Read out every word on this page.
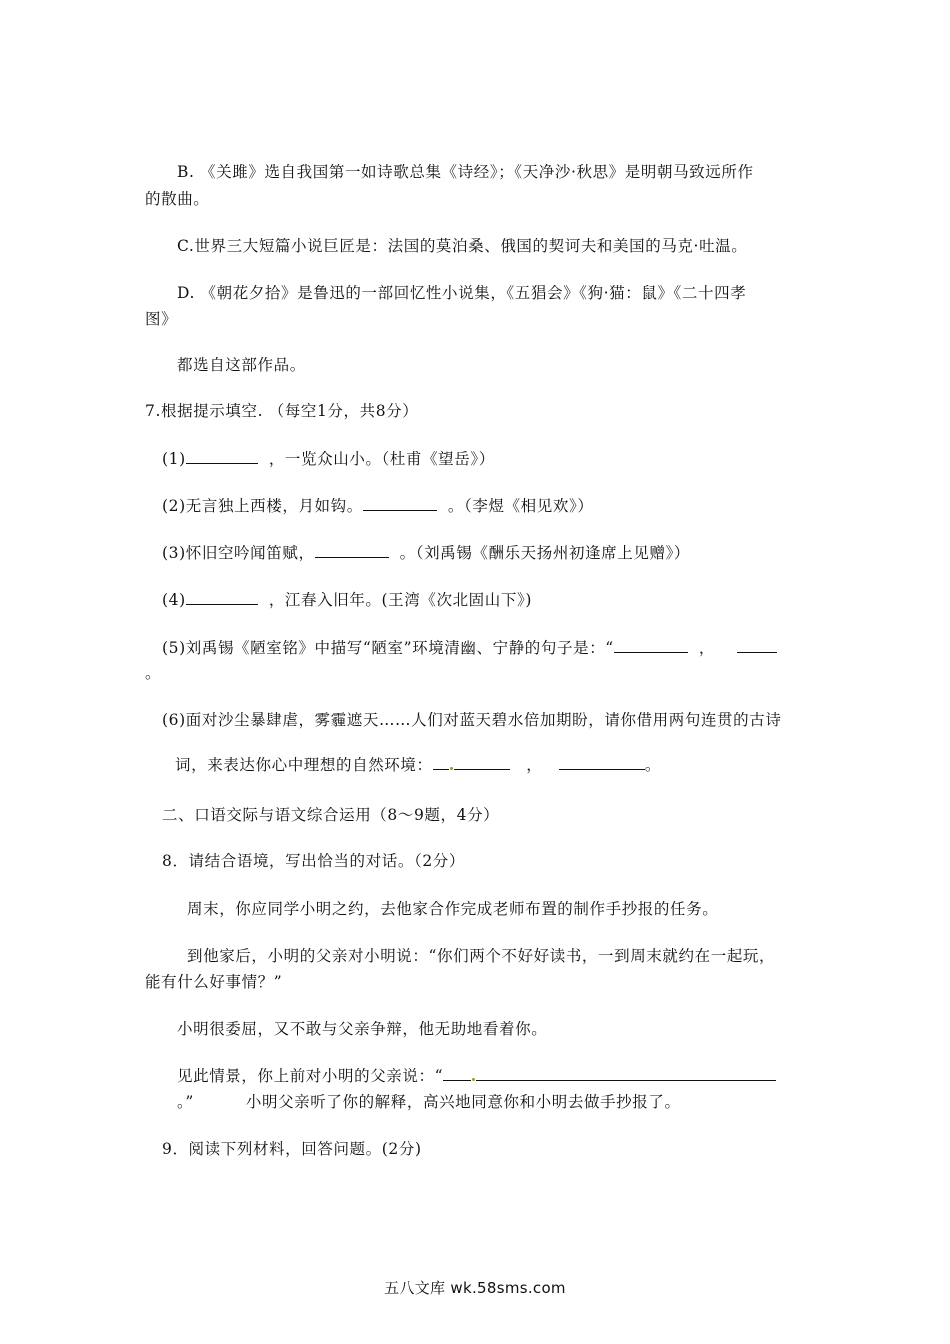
B. 《关雎》选自我国第一如诗歌总集《诗经》；《天净沙·秋思》是明朝马致远所作
的散曲。
C.世界三大短篇小说巨匠是：法国的莫泊桑、俄国的契诃夫和美国的马克·吐温。
D. 《朝花夕拾》是鲁迅的一部回忆性小说集，《五猖会》《狗·猫：鼠》《二十四孝
图》
都选自这部作品。
7.根据提示填空. （每空1分，共8分）
(1)	，一览众山小。（杜甫《望岳》）
(2)无言独上西楼，月如钩。	。（李煜《相见欢》）
(3)怀旧空吟闻笛赋，	。（刘禹锡《酬乐天扬州初逢席上见赠》）
(4)	，江春入旧年。(王湾《次北固山下》)
(5)刘禹锡《陋室铭》中描写“陋室”环境清幽、宁静的句子是：“	，
。
(6)面对沙尘暴肆虐，雾霾遮天……人们对蓝天碧水倍加期盼，请你借用两句连贯的古诗
词，来表达你心中理想的自然环境：	，	。
二、口语交际与语文综合运用（8～9题，4分）
8．请结合语境，写出恰当的对话。（2分）
周末，你应同学小明之约，去他家合作完成老师布置的制作手抄报的任务。
到他家后，小明的父亲对小明说：“你们两个不好好读书，一到周末就约在一起玩，
能有什么好事情？”
小明很委屈，又不敢与父亲争辩，他无助地看着你。
见此情景，你上前对小明的父亲说：“
。”	小明父亲听了你的解释，高兴地同意你和小明去做手抄报了。
9．阅读下列材料，回答问题。(2分)
五八文库 wk.58sms.com
